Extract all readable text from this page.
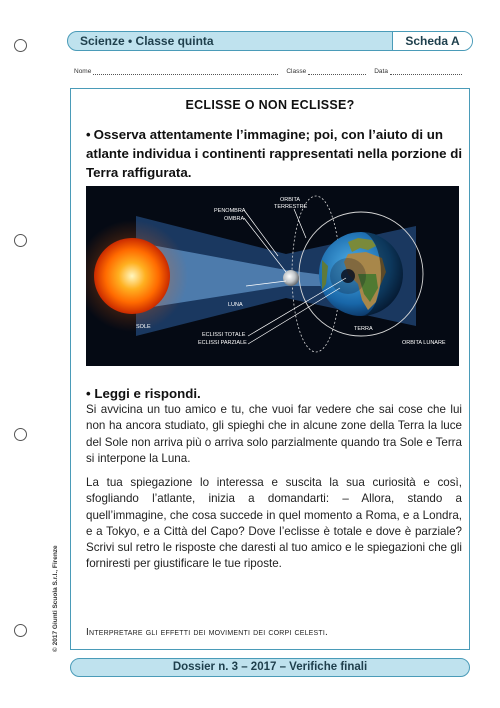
Scienze • Classe quinta	Scheda A
Nome	Classe	Data
ECLISSE O NON ECLISSE?
• Osserva attentamente l’immagine; poi, con l’aiuto di un atlante individua i continenti rappresentati nella porzione di Terra raffigurata.
ORBITA
TERRESTRE
PENOMBRA
OMBRA
SOLE
LUNA
TERRA
ECLISSI TOTALE
ECLISSI PARZIALE	ORBITA LUNARE
• Leggi e rispondi.

Si avvicina un tuo amico e tu, che vuoi far vedere che sai cose che lui non ha ancora studiato, gli spieghi che in alcune zone della Terra la luce del Sole non arriva più o arriva solo parzialmente quando tra Sole e Terra si interpone la Luna.

La tua spiegazione lo interessa e suscita la sua curiosità e così, sfogliando l’atlante, inizia a domandarti: – Allora, stando a quell’immagine, che cosa succede in quel momento a Roma, e a Londra, e a Tokyo, e a Città del Capo? Dove l’eclisse è totale e dove è parziale? Scrivi sul retro le risposte che daresti al tuo amico e le spiegazioni che gli forniresti per giustificare le tue riposte.

Interpretare gli effetti dei movimenti dei corpi celesti.
© 2017 Giunti Scuola S.r.l., Firenze
Dossier n. 3 – 2017 – Verifiche finali
